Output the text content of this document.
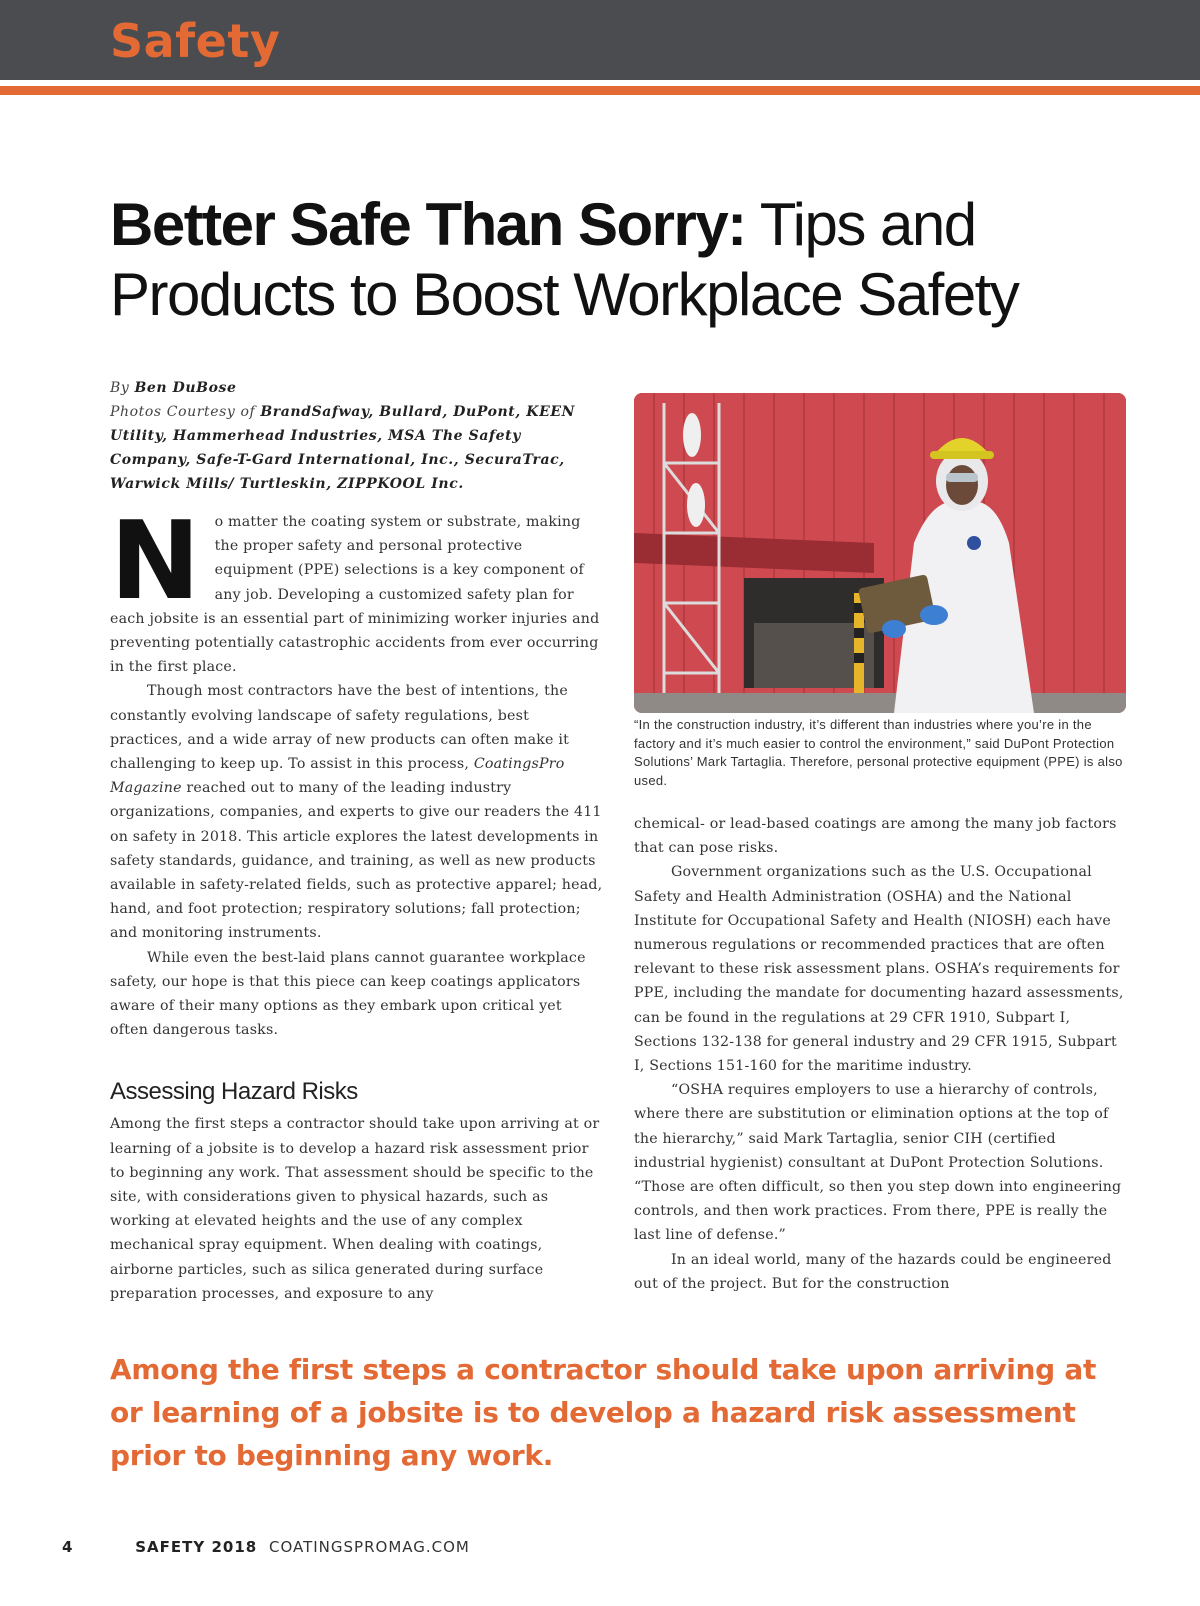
Safety
Better Safe Than Sorry: Tips and
Products to Boost Workplace Safety
By Ben DuBose
Photos Courtesy of BrandSafway, Bullard, DuPont, KEEN Utility, Hammerhead Industries, MSA The Safety Company, Safe-T-Gard International, Inc., SecuraTrac, Warwick Mills/ Turtleskin, ZIPPKOOL Inc.

No matter the coating system or substrate, making the proper safety and personal protective equipment (PPE) selections is a key component of any job. Developing a customized safety plan for each jobsite is an essential part of minimizing worker injuries and preventing potentially catastrophic accidents from ever occurring in the first place.

Though most contractors have the best of intentions, the constantly evolving landscape of safety regulations, best practices, and a wide array of new products can often make it challenging to keep up. To assist in this process, CoatingsPro Magazine reached out to many of the leading industry organizations, companies, and experts to give our readers the 411 on safety in 2018. This article explores the latest developments in safety standards, guidance, and training, as well as new products available in safety-related fields, such as protective apparel; head, hand, and foot protection; respiratory solutions; fall protection; and monitoring instruments.

While even the best-laid plans cannot guarantee workplace safety, our hope is that this piece can keep coatings applicators aware of their many options as they embark upon critical yet often dangerous tasks.

Assessing Hazard Risks

Among the first steps a contractor should take upon arriving at or learning of a jobsite is to develop a hazard risk assessment prior to beginning any work. That assessment should be specific to the site, with considerations given to physical hazards, such as working at elevated heights and the use of any complex mechanical spray equipment. When dealing with coatings, airborne particles, such as silica generated during surface preparation processes, and exposure to any

“In the construction industry, it’s different than industries where you’re in the factory and it’s much easier to control the environment,” said DuPont Protection Solutions’ Mark Tartaglia. Therefore, personal protective equipment (PPE) is also used.

chemical- or lead-based coatings are among the many job factors that can pose risks.

Government organizations such as the U.S. Occupational Safety and Health Administration (OSHA) and the National Institute for Occupational Safety and Health (NIOSH) each have numerous regulations or recommended practices that are often relevant to these risk assessment plans. OSHA’s requirements for PPE, including the mandate for documenting hazard assessments, can be found in the regulations at 29 CFR 1910, Subpart I, Sections 132-138 for general industry and 29 CFR 1915, Subpart I, Sections 151-160 for the maritime industry.

“OSHA requires employers to use a hierarchy of controls, where there are substitution or elimination options at the top of the hierarchy,” said Mark Tartaglia, senior CIH (certified industrial hygienist) consultant at DuPont Protection Solutions. “Those are often difficult, so then you step down into engineering controls, and then work practices. From there, PPE is really the last line of defense.”

In an ideal world, many of the hazards could be engineered out of the project. But for the construction

Among the first steps a contractor should take upon arriving at or learning of a jobsite is to develop a hazard risk assessment prior to beginning any work.
4	SAFETY 2018 COATINGSPROMAG.COM
